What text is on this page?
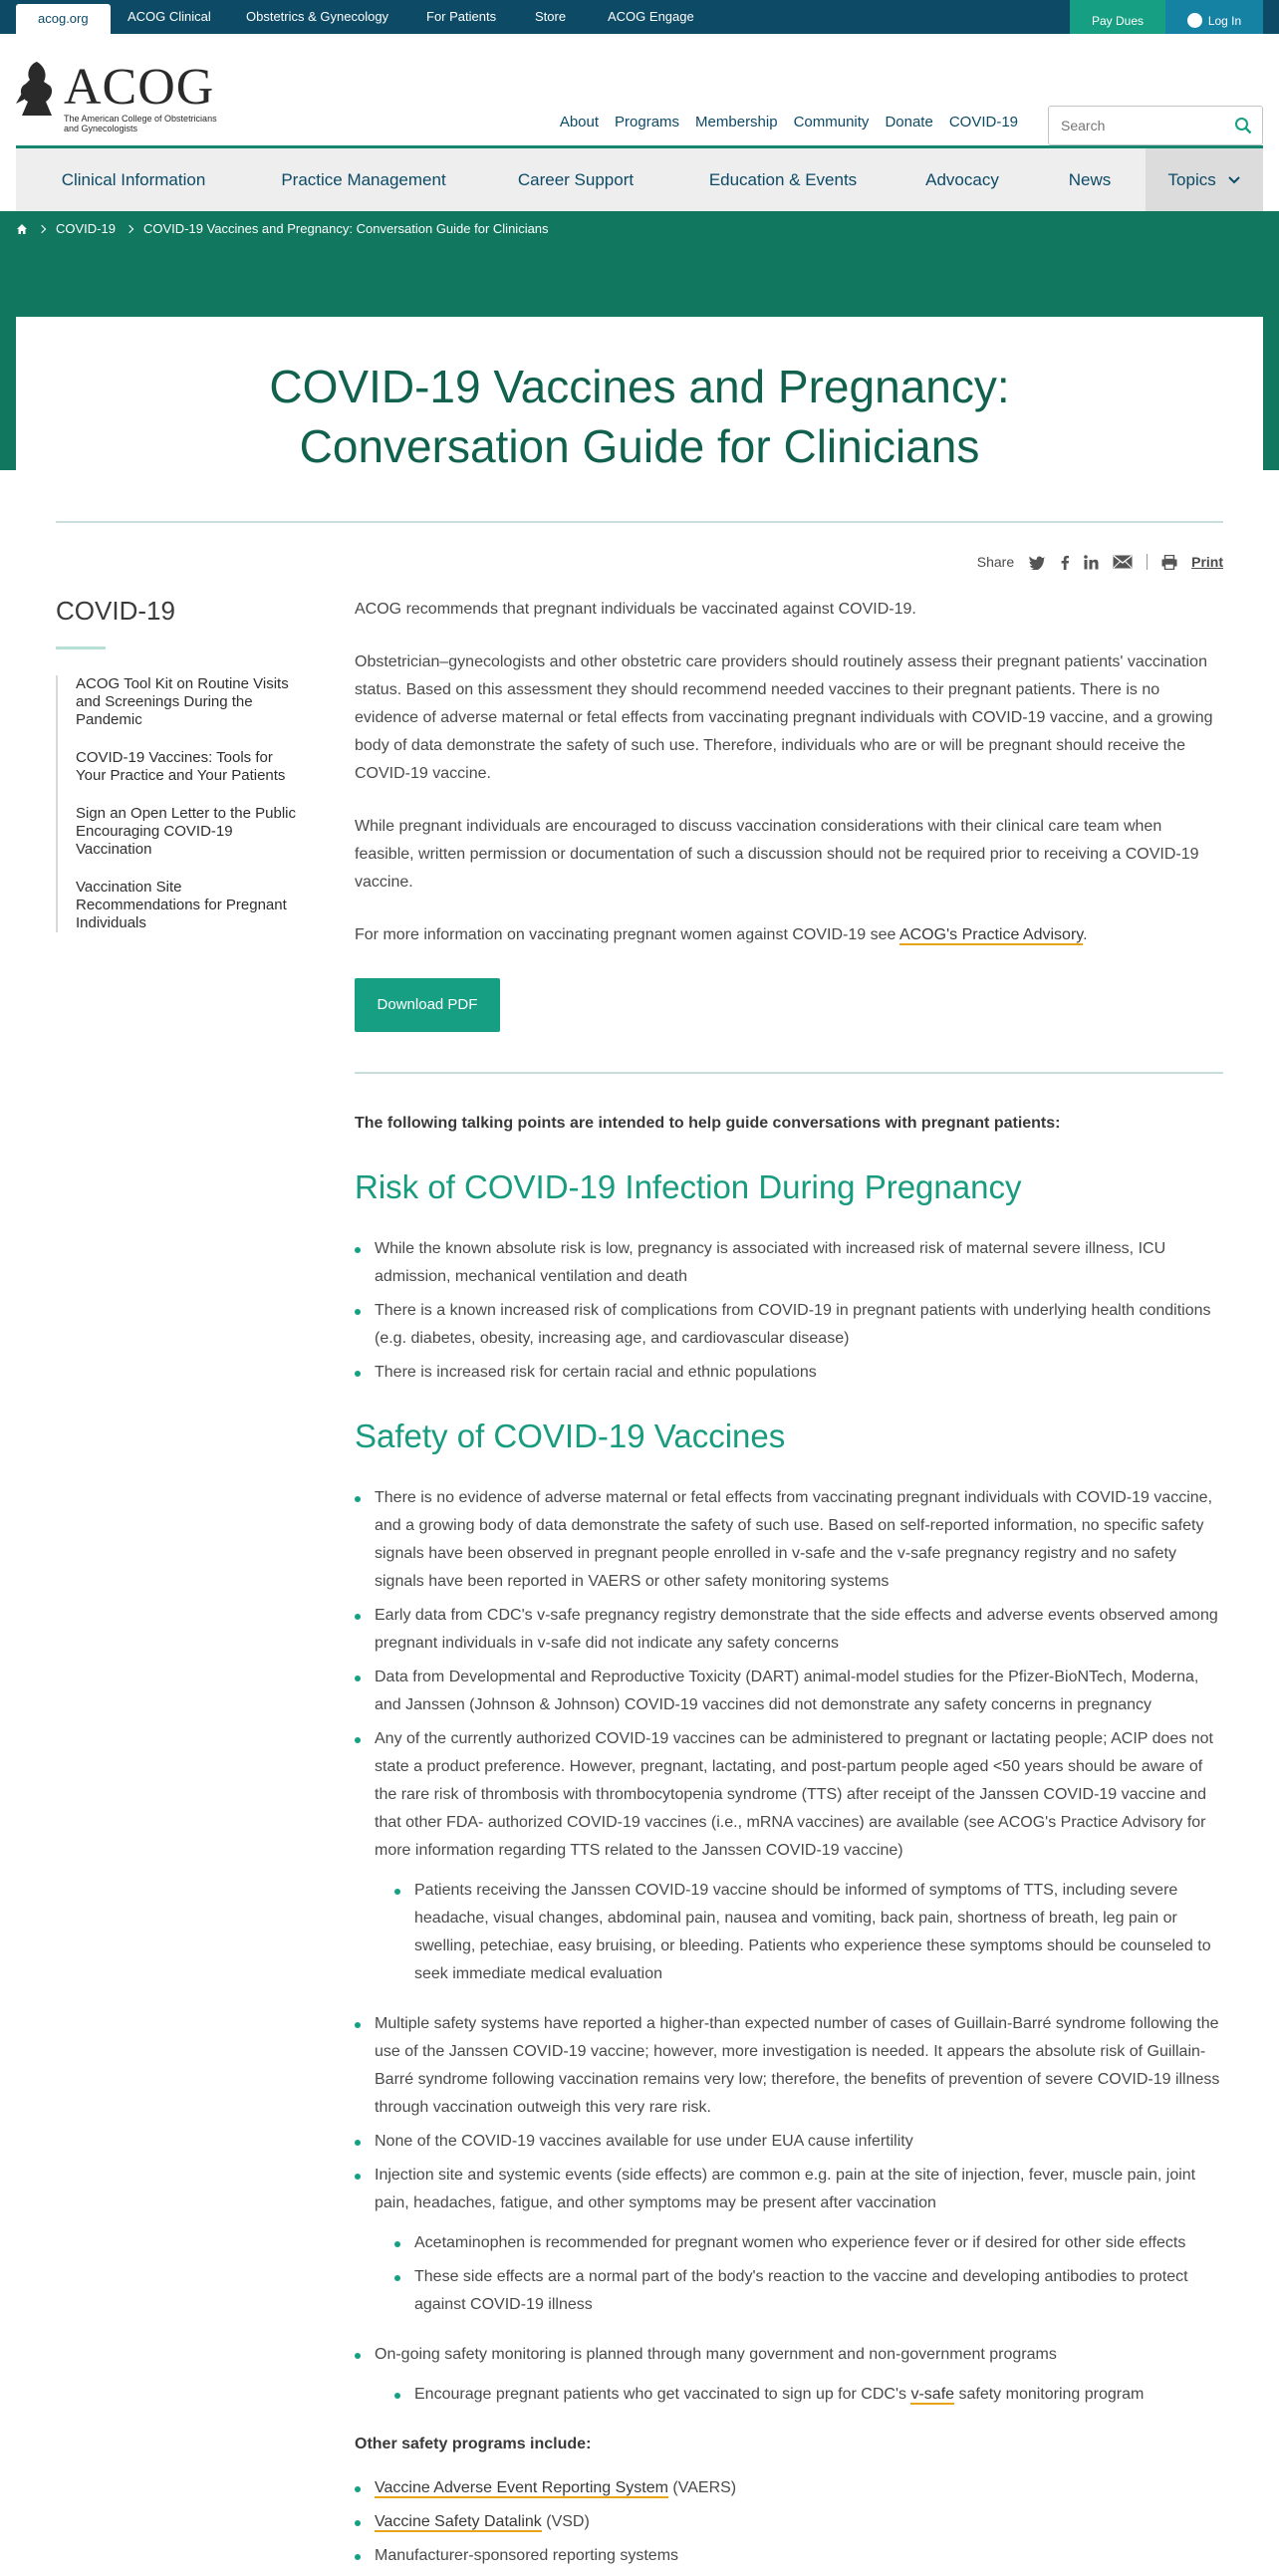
acog.org	ACOG Clinical	Obstetrics & Gynecology	For Patients	Store	ACOG Engage	Pay Dues	Log In
ACOG
The American College of Obstetricians and Gynecologists	About Programs Membership Community Donate COVID-19
Search
COVID-19 COVID-19 Vaccines and Pregnancy: Conversation Guide for Clinicians
Clinical Information	Practice Management	Career Support	Education & Events	Advocacy	News	Topics
COVID-19 Vaccines and Pregnancy:
Conversation Guide for Clinicians
Share	Print
COVID-19
ACOG Tool Kit on Routine Visits and Screenings During the Pandemic
COVID-19 Vaccines: Tools for Your Practice and Your Patients
Sign an Open Letter to the Public Encouraging COVID-19 Vaccination
Vaccination Site Recommendations for Pregnant Individuals

ACOG recommends that pregnant individuals be vaccinated against COVID-19.

Obstetrician–gynecologists and other obstetric care providers should routinely assess their pregnant patients' vaccination status. Based on this assessment they should recommend needed vaccines to their pregnant patients. There is no evidence of adverse maternal or fetal effects from vaccinating pregnant individuals with COVID-19 vaccine, and a growing body of data demonstrate the safety of such use. Therefore, individuals who are or will be pregnant should receive the COVID-19 vaccine.

While pregnant individuals are encouraged to discuss vaccination considerations with their clinical care team when feasible, written permission or documentation of such a discussion should not be required prior to receiving a COVID-19 vaccine.

For more information on vaccinating pregnant women against COVID-19 see ACOG's Practice Advisory.

Download PDF

The following talking points are intended to help guide conversations with pregnant patients:

Risk of COVID-19 Infection During Pregnancy
While the known absolute risk is low, pregnancy is associated with increased risk of maternal severe illness, ICU admission, mechanical ventilation and death
There is a known increased risk of complications from COVID-19 in pregnant patients with underlying health conditions (e.g. diabetes, obesity, increasing age, and cardiovascular disease)
There is increased risk for certain racial and ethnic populations
Safety of COVID-19 Vaccines
There is no evidence of adverse maternal or fetal effects from vaccinating pregnant individuals with COVID-19 vaccine, and a growing body of data demonstrate the safety of such use. Based on self-reported information, no specific safety signals have been observed in pregnant people enrolled in v-safe and the v-safe pregnancy registry and no safety signals have been reported in VAERS or other safety monitoring systems
Early data from CDC's v-safe pregnancy registry demonstrate that the side effects and adverse events observed among pregnant individuals in v-safe did not indicate any safety concerns
Data from Developmental and Reproductive Toxicity (DART) animal-model studies for the Pfizer-BioNTech, Moderna, and Janssen (Johnson & Johnson) COVID-19 vaccines did not demonstrate any safety concerns in pregnancy
Any of the currently authorized COVID-19 vaccines can be administered to pregnant or lactating people; ACIP does not state a product preference. However, pregnant, lactating, and post-partum people aged <50 years should be aware of the rare risk of thrombosis with thrombocytopenia syndrome (TTS) after receipt of the Janssen COVID-19 vaccine and that other FDA- authorized COVID-19 vaccines (i.e., mRNA vaccines) are available (see ACOG's Practice Advisory for more information regarding TTS related to the Janssen COVID-19 vaccine)
Patients receiving the Janssen COVID-19 vaccine should be informed of symptoms of TTS, including severe headache, visual changes, abdominal pain, nausea and vomiting, back pain, shortness of breath, leg pain or swelling, petechiae, easy bruising, or bleeding. Patients who experience these symptoms should be counseled to seek immediate medical evaluation
Multiple safety systems have reported a higher-than expected number of cases of Guillain-Barré syndrome following the use of the Janssen COVID-19 vaccine; however, more investigation is needed. It appears the absolute risk of Guillain-Barré syndrome following vaccination remains very low; therefore, the benefits of prevention of severe COVID-19 illness through vaccination outweigh this very rare risk.
None of the COVID-19 vaccines available for use under EUA cause infertility
Injection site and systemic events (side effects) are common e.g. pain at the site of injection, fever, muscle pain, joint pain, headaches, fatigue, and other symptoms may be present after vaccination
Acetaminophen is recommended for pregnant women who experience fever or if desired for other side effects
These side effects are a normal part of the body's reaction to the vaccine and developing antibodies to protect against COVID-19 illness
On-going safety monitoring is planned through many government and non-government programs
Encourage pregnant patients who get vaccinated to sign up for CDC's v-safe safety monitoring program

Other safety programs include:

Vaccine Adverse Event Reporting System (VAERS)
Vaccine Safety Datalink (VSD)
Manufacturer-sponsored reporting systems
